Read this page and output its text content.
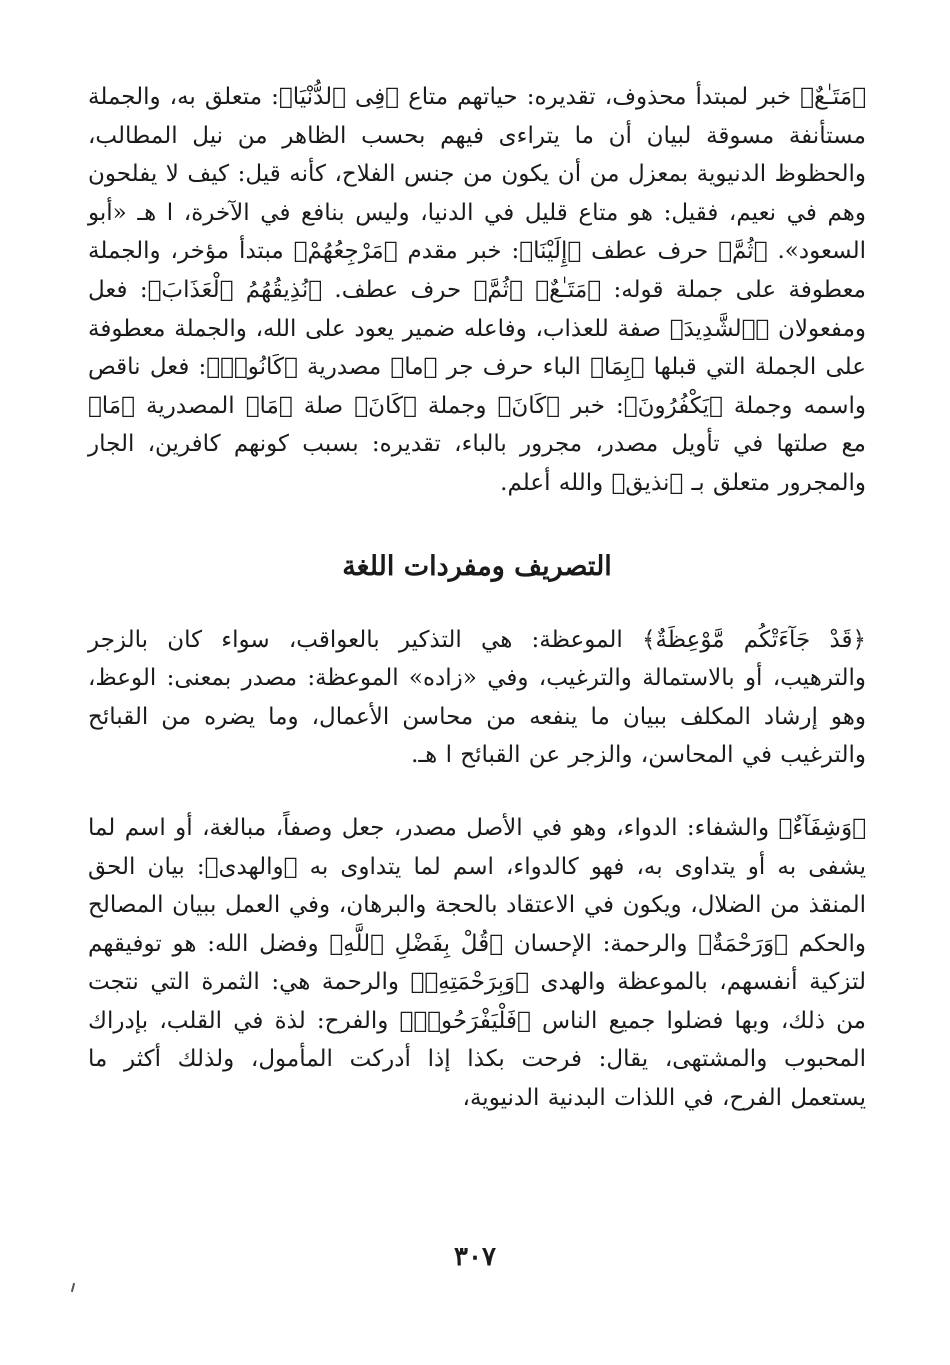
﴿مَتَـٰعٌ﴾ خبر لمبتدأ محذوف، تقديره: حياتهم متاع ﴿فِى ٱلدُّنْيَا﴾: متعلق به، والجملة مستأنفة مسوقة لبيان أن ما يتراءى فيهم بحسب الظاهر من نيل المطالب، والحظوظ الدنيوية بمعزل من أن يكون من جنس الفلاح، كأنه قيل: كيف لا يفلحون وهم في نعيم، فقيل: هو متاع قليل في الدنيا، وليس بنافع في الآخرة، ا هـ «أبو السعود». ﴿ثُمَّ﴾ حرف عطف ﴿إِلَيْنَا﴾: خبر مقدم ﴿مَرْجِعُهُمْ﴾ مبتدأ مؤخر، والجملة معطوفة على جملة قوله: ﴿مَتَـٰعٌ﴾ ﴿ثُمَّ﴾ حرف عطف. ﴿نُذِيقُهُمُ ٱلْعَذَابَ﴾: فعل ومفعولان ﴿ٱلشَّدِيدَ﴾ صفة للعذاب، وفاعله ضمير يعود على الله، والجملة معطوفة على الجملة التي قبلها ﴿بِمَا﴾ الباء حرف جر ﴿ما﴾ مصدرية ﴿كَانُوا۟﴾: فعل ناقص واسمه وجملة ﴿يَكْفُرُونَ﴾: خبر ﴿كَانَ﴾ وجملة ﴿كَانَ﴾ صلة ﴿مَا﴾ المصدرية ﴿مَا﴾ مع صلتها في تأويل مصدر، مجرور بالباء، تقديره: بسبب كونهم كافرين، الجار والمجرور متعلق بـ ﴿نذيق﴾ والله أعلم.

التصريف ومفردات اللغة

﴿قَدْ جَآءَتْكُم مَّوْعِظَةٌ﴾ الموعظة: هي التذكير بالعواقب، سواء كان بالزجر والترهيب، أو بالاستمالة والترغيب، وفي «زاده» الموعظة: مصدر بمعنى: الوعظ، وهو إرشاد المكلف ببيان ما ينفعه من محاسن الأعمال، وما يضره من القبائح والترغيب في المحاسن، والزجر عن القبائح ا هـ.

﴿وَشِفَآءٌ﴾ والشفاء: الدواء، وهو في الأصل مصدر، جعل وصفاً، مبالغة، أو اسم لما يشفى به أو يتداوى به، فهو كالدواء، اسم لما يتداوى به ﴿والهدى﴾: بيان الحق المنقذ من الضلال، ويكون في الاعتقاد بالحجة والبرهان، وفي العمل ببيان المصالح والحكم ﴿وَرَحْمَةٌ﴾ والرحمة: الإحسان ﴿قُلْ بِفَضْلِ ٱللَّهِ﴾ وفضل الله: هو توفيقهم لتزكية أنفسهم، بالموعظة والهدى ﴿وَبِرَحْمَتِهِۦ﴾ والرحمة هي: الثمرة التي نتجت من ذلك، وبها فضلوا جميع الناس ﴿فَلْيَفْرَحُوا۟﴾ والفرح: لذة في القلب، بإدراك المحبوب والمشتهى، يقال: فرحت بكذا إذا أدركت المأمول، ولذلك أكثر ما يستعمل الفرح، في اللذات البدنية الدنيوية،

٣٠٧
